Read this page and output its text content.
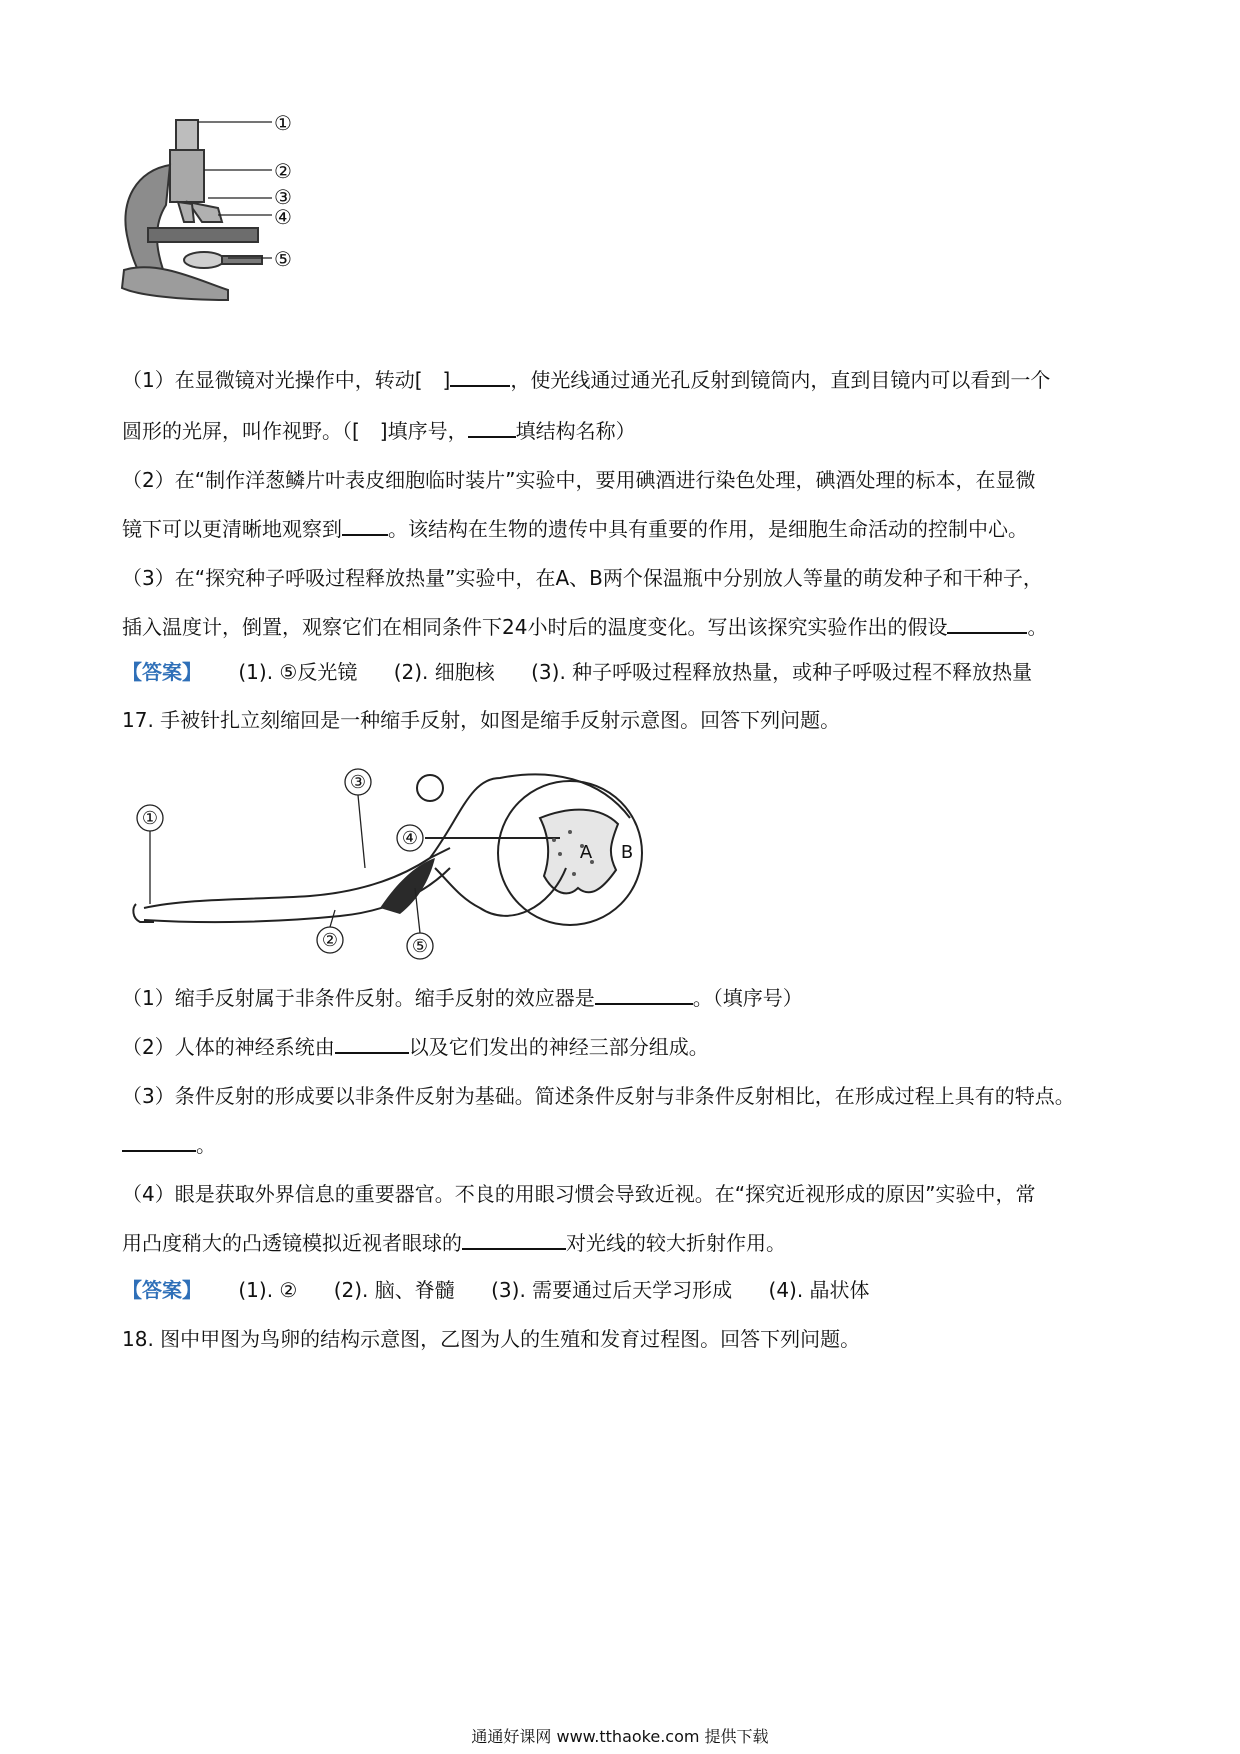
①
②
③
④
⑤
（1）在显微镜对光操作中，转动[　]	，使光线通过通光孔反射到镜筒内，直到目镜内可以看到一个
圆形的光屏，叫作视野。（[　]填序号， 填结构名称）
（2）在“制作洋葱鳞片叶表皮细胞临时装片”实验中，要用碘酒进行染色处理，碘酒处理的标本，在显微
镜下可以更清晰地观察到 。该结构在生物的遗传中具有重要的作用，是细胞生命活动的控制中心。
（3）在“探究种子呼吸过程释放热量”实验中，在A、B两个保温瓶中分别放人等量的萌发种子和干种子，
插入温度计，倒置，观察它们在相同条件下24小时后的温度变化。写出该探究实验作出的假设	。
【答案】 (1). ⑤反光镜 (2). 细胞核 (3). 种子呼吸过程释放热量，或种子呼吸过程不释放热量
17. 手被针扎立刻缩回是一种缩手反射，如图是缩手反射示意图。回答下列问题。
①
②
③
④
⑤
A B
（1）缩手反射属于非条件反射。缩手反射的效应器是	。（填序号）
（2）人体的神经系统由	以及它们发出的神经三部分组成。
（3）条件反射的形成要以非条件反射为基础。简述条件反射与非条件反射相比，在形成过程上具有的特点。
。
（4）眼是获取外界信息的重要器官。不良的用眼习惯会导致近视。在“探究近视形成的原因”实验中，常
用凸度稍大的凸透镜模拟近视者眼球的	对光线的较大折射作用。
【答案】 (1). ② (2). 脑、脊髓 (3). 需要通过后天学习形成 (4). 晶状体
18. 图中甲图为鸟卵的结构示意图，乙图为人的生殖和发育过程图。回答下列问题。
通通好课网 www.tthaoke.com 提供下载
